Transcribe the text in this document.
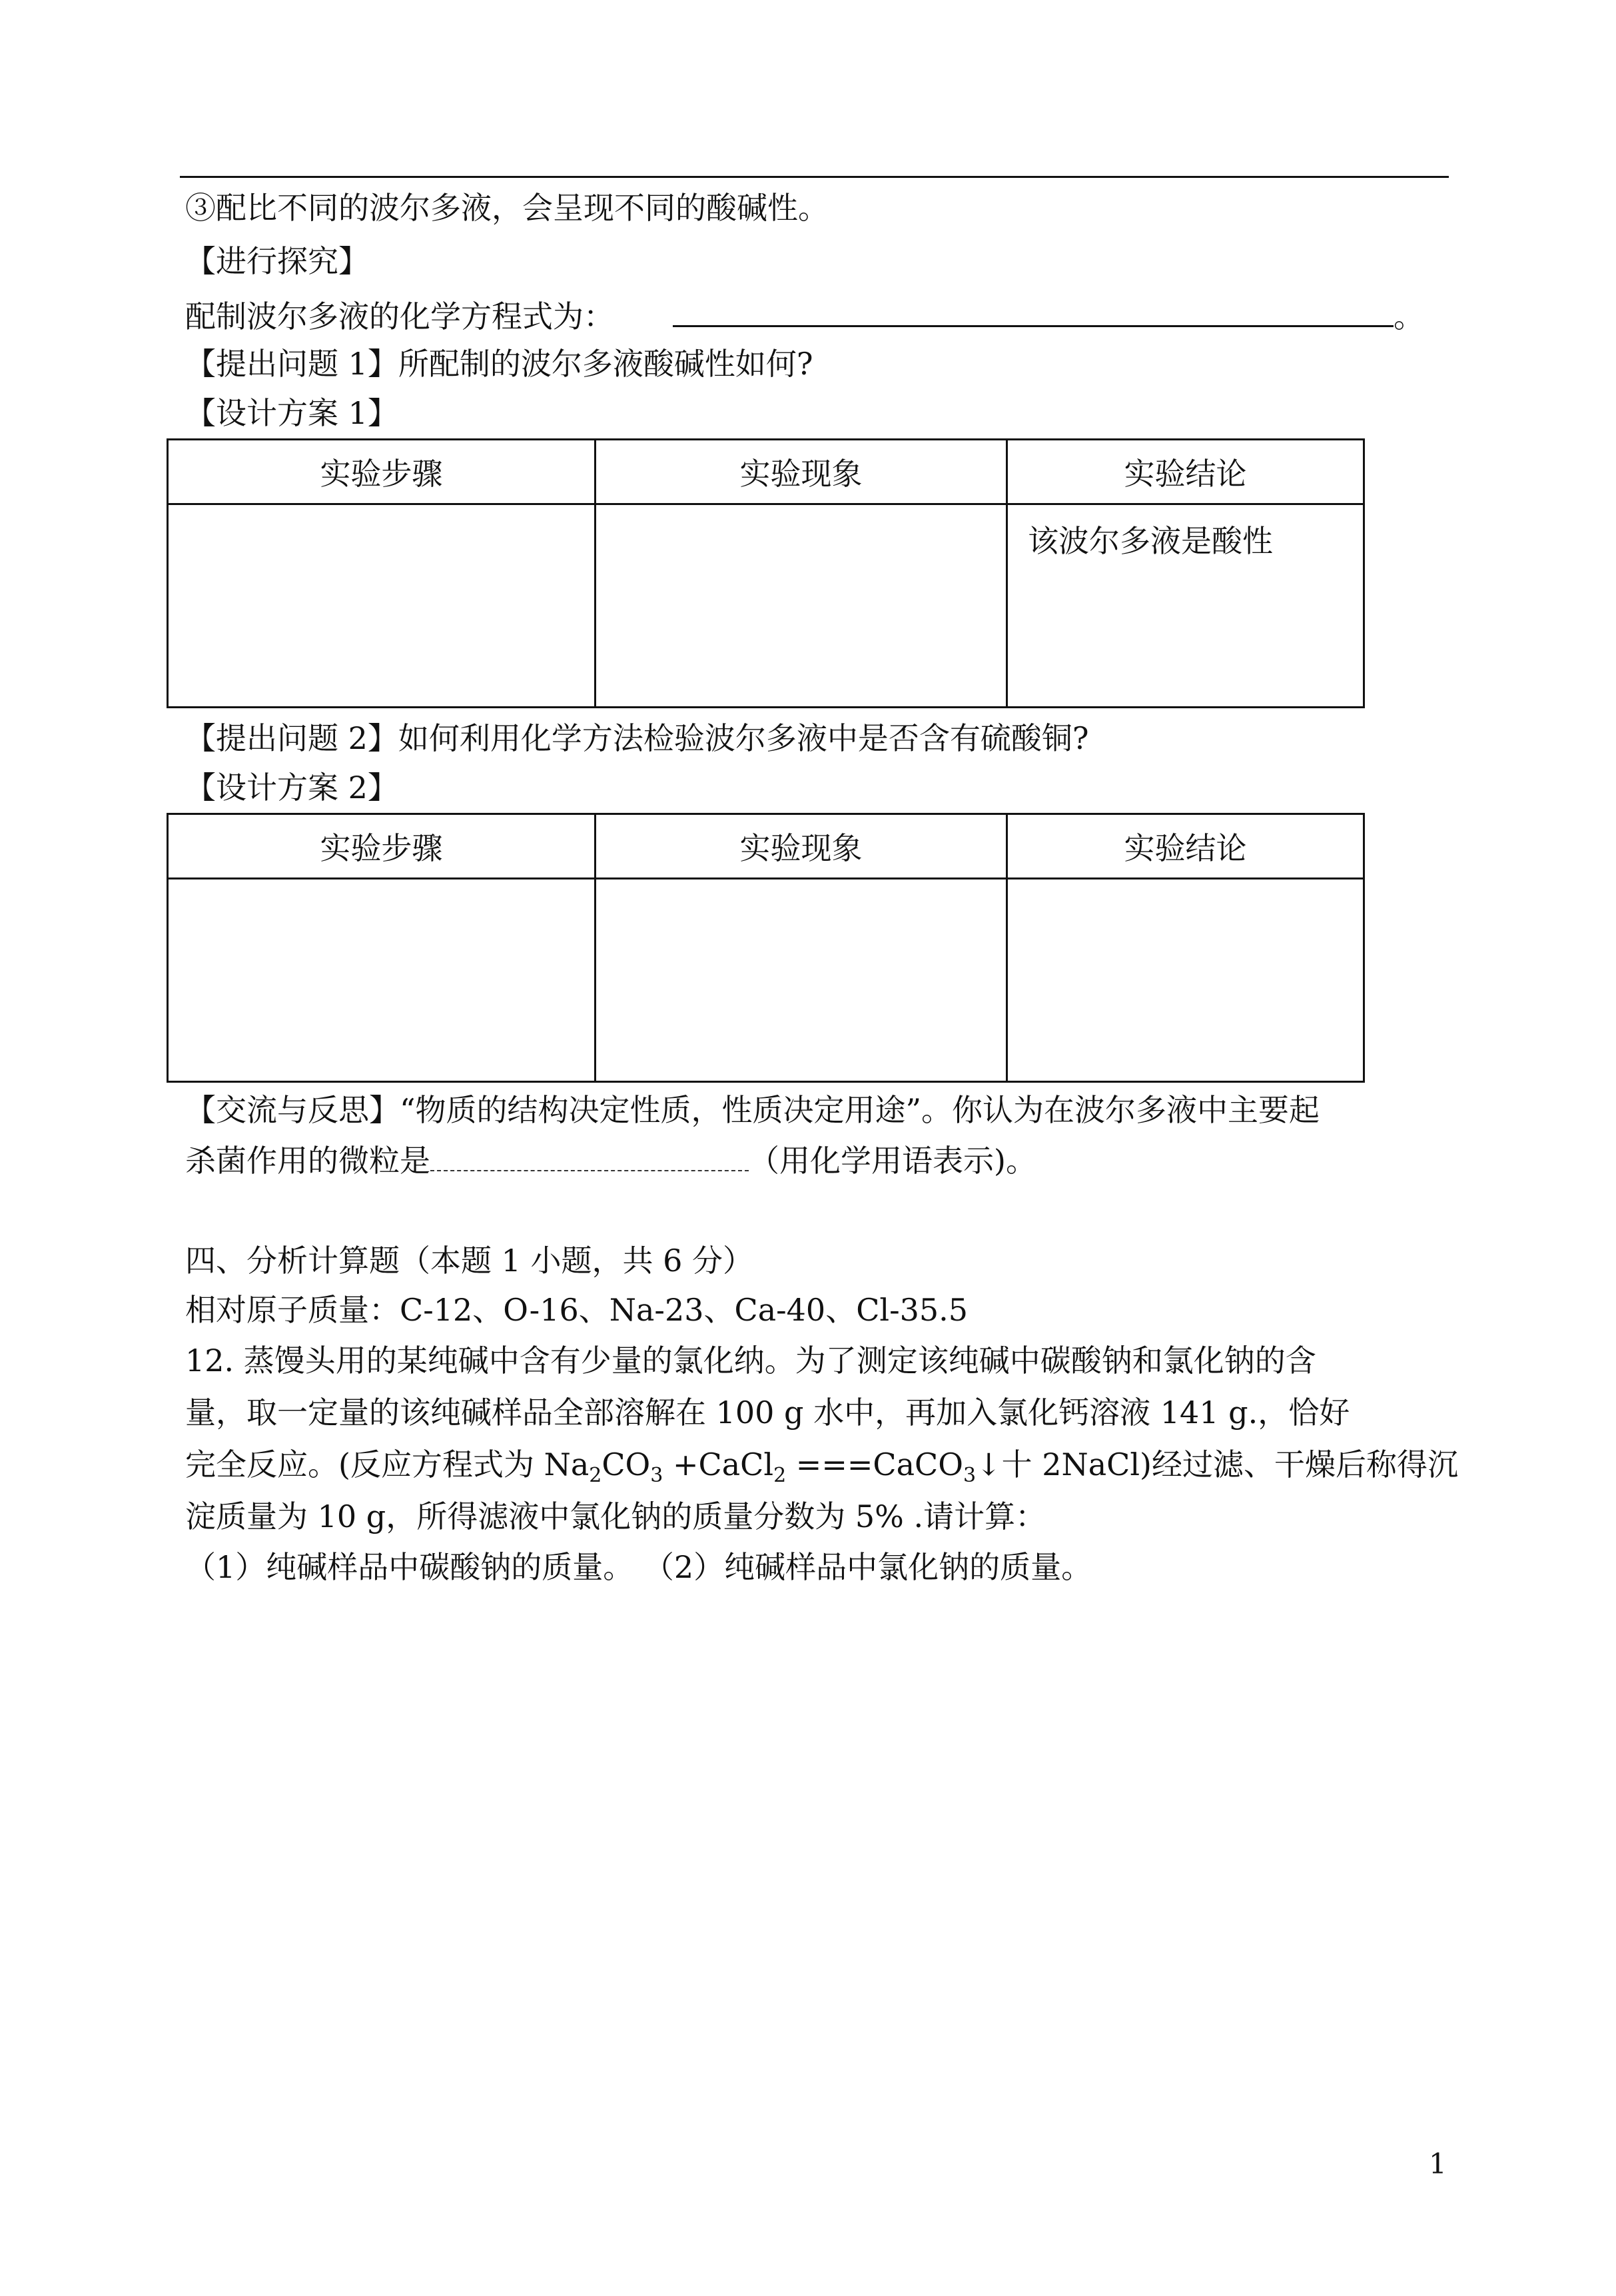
③配比不同的波尔多液，会呈现不同的酸碱性。
【进行探究】
配制波尔多液的化学方程式为：	。
【提出问题 1】所配制的波尔多液酸碱性如何?
【设计方案 1】
实验步骤	实验现象	实验结论

		该波尔多液是酸性
【提出问题 2】如何利用化学方法检验波尔多液中是否含有硫酸铜?
【设计方案 2】
实验步骤	实验现象	实验结论

【交流与反思】“物质的结构决定性质，性质决定用途”。你认为在波尔多液中主要起
杀菌作用的微粒是	（用化学用语表示)。
四、分析计算题（本题 1 小题，共 6 分）
相对原子质量：C-12、O-16、Na-23、Ca-40、Cl-35.5
12. 蒸馒头用的某纯碱中含有少量的氯化纳。为了测定该纯碱中碳酸钠和氯化钠的含
量，取一定量的该纯碱样品全部溶解在 100 g 水中，再加入氯化钙溶液 141 g.，恰好
完全反应。(反应方程式为 $Na_2CO_3$ +CaCl$_2$ ===CaCO$_3$↓十 2NaCl)经过滤、干燥后称得沉
淀质量为 10 g，所得滤液中氯化钠的质量分数为 5% .请计算：
（1）纯碱样品中碳酸钠的质量。 （2）纯碱样品中氯化钠的质量。
1
